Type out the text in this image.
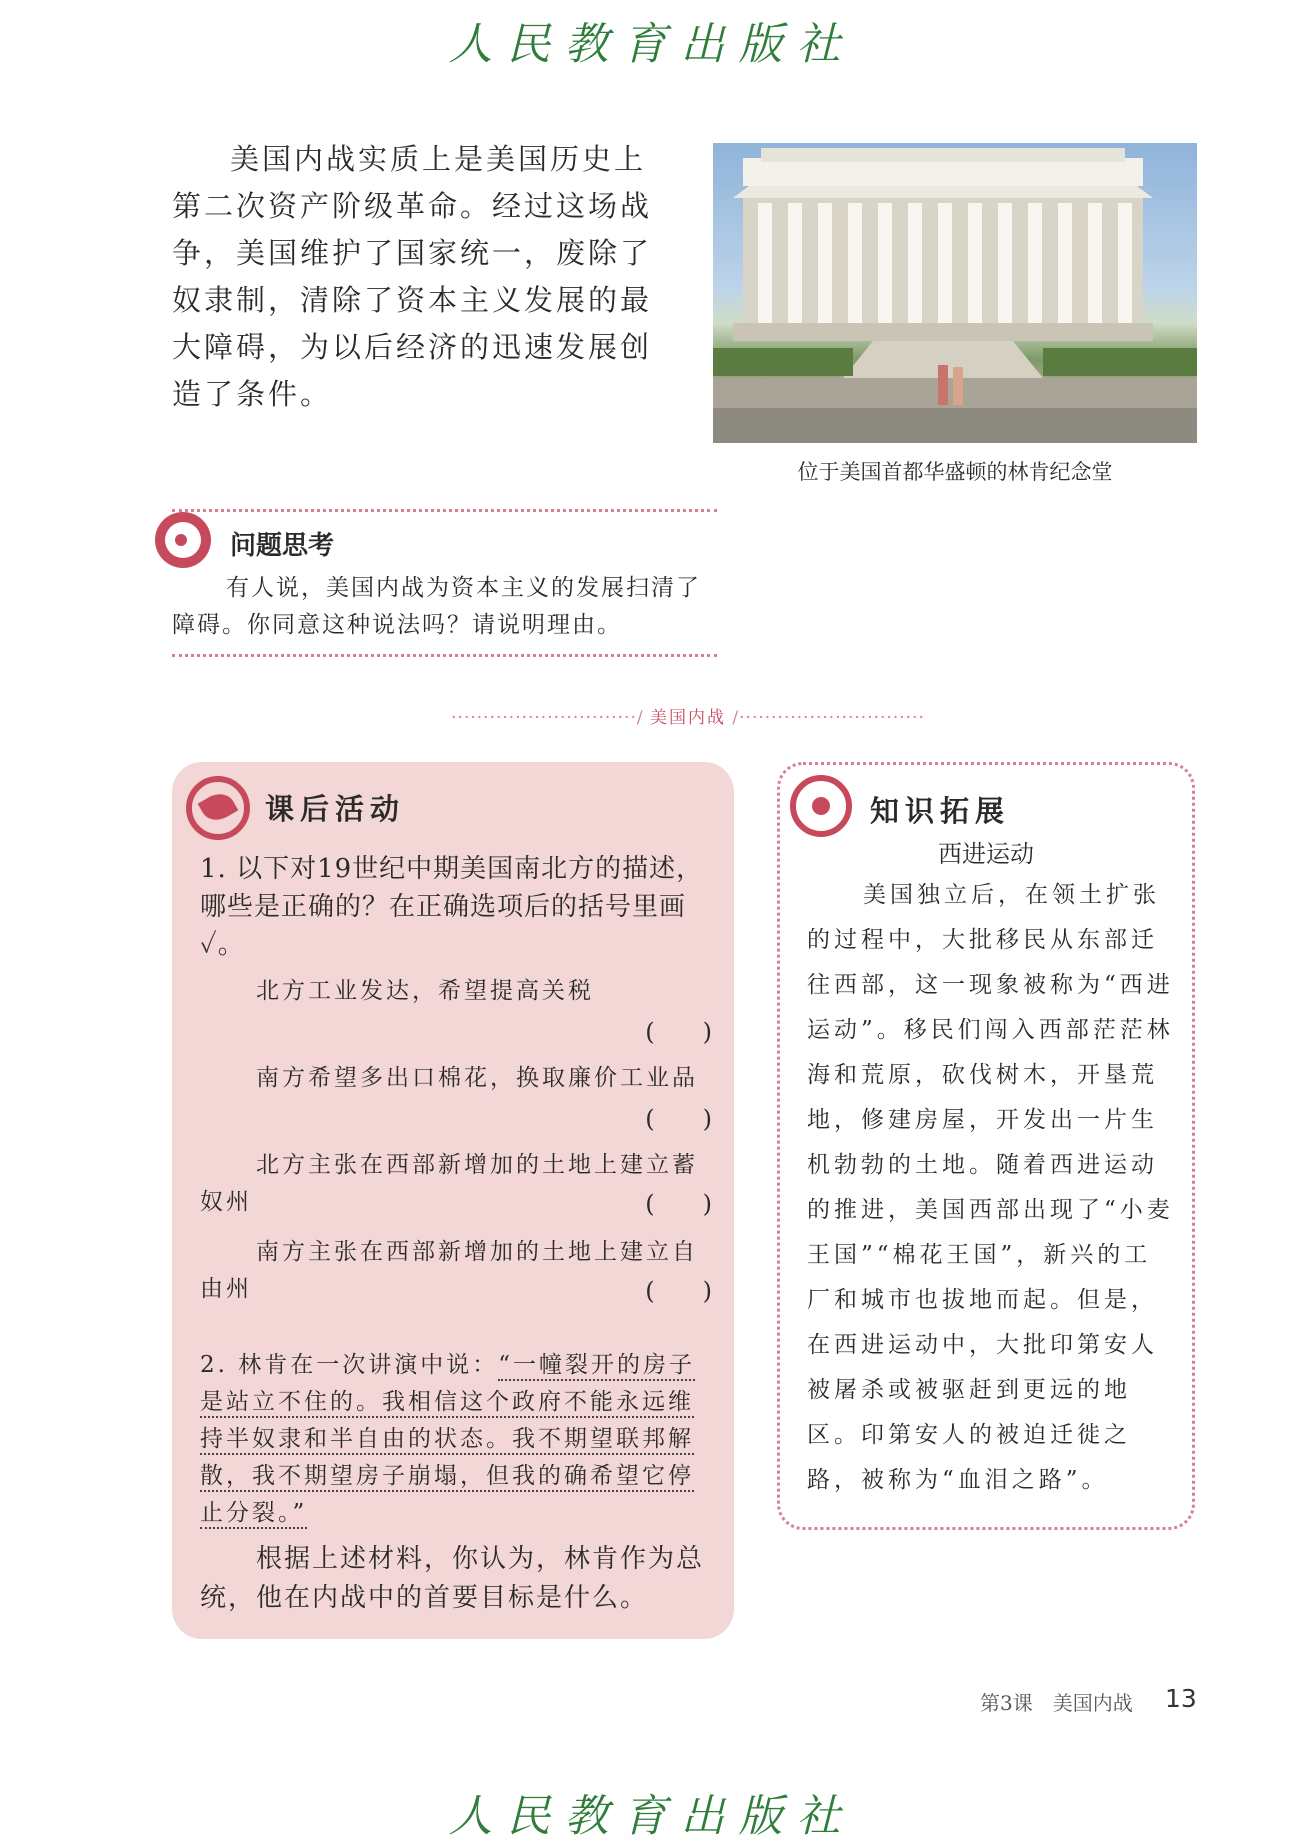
人民教育出版社

美国内战实质上是美国历史上第二次资产阶级革命。经过这场战争，美国维护了国家统一，废除了奴隶制，清除了资本主义发展的最大障碍，为以后经济的迅速发展创造了条件。

位于美国首都华盛顿的林肯纪念堂
问题思考

有人说，美国内战为资本主义的发展扫清了障碍。你同意这种说法吗？请说明理由。

·····························/ 美国内战 /·····························
课后活动

1. 以下对19世纪中期美国南北方的描述，哪些是正确的？在正确选项后的括号里画✓。

北方工业发达，希望提高关税

(　　)

南方希望多出口棉花，换取廉价工业品

(　　)

北方主张在西部新增加的土地上建立蓄奴州	(　　)

南方主张在西部新增加的土地上建立自由州	(　　)

2. 林肯在一次讲演中说：“一幢裂开的房子是站立不住的。我相信这个政府不能永远维持半奴隶和半自由的状态。我不期望联邦解散，我不期望房子崩塌，但我的确希望它停止分裂。”

根据上述材料，你认为，林肯作为总统，他在内战中的首要目标是什么。

知识拓展
西进运动

美国独立后，在领土扩张的过程中，大批移民从东部迁往西部，这一现象被称为“西进运动”。移民们闯入西部茫茫林海和荒原，砍伐树木，开垦荒地，修建房屋，开发出一片生机勃勃的土地。随着西进运动的推进，美国西部出现了“小麦王国”“棉花王国”，新兴的工厂和城市也拔地而起。但是，在西进运动中，大批印第安人被屠杀或被驱赶到更远的地区。印第安人的被迫迁徙之路，被称为“血泪之路”。

第3课　美国内战 13
人民教育出版社
